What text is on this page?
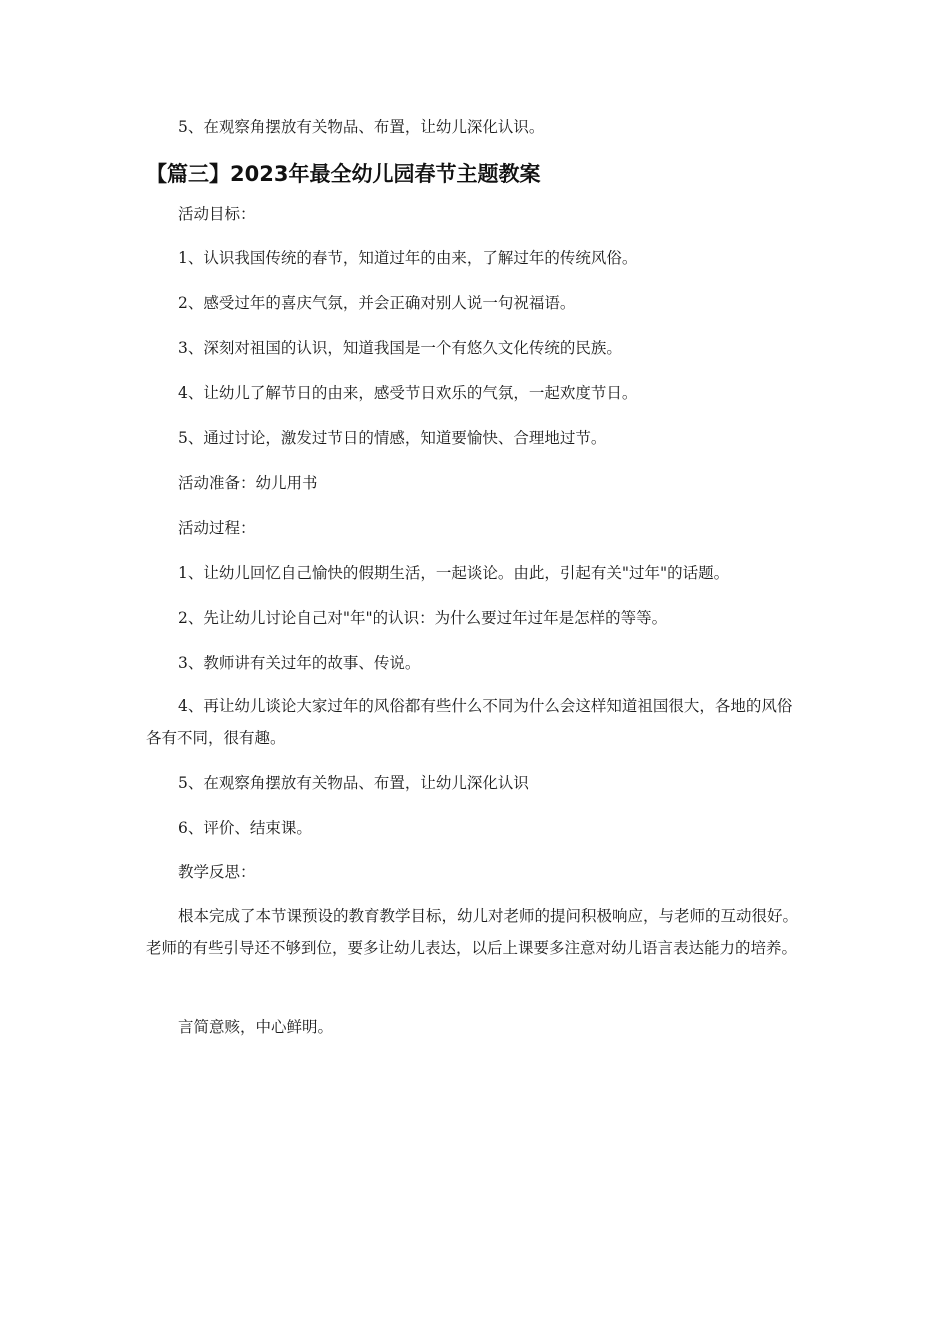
5、在观察角摆放有关物品、布置，让幼儿深化认识。
【篇三】2023年最全幼儿园春节主题教案
活动目标：
1、认识我国传统的春节，知道过年的由来，了解过年的传统风俗。
2、感受过年的喜庆气氛，并会正确对别人说一句祝福语。
3、深刻对祖国的认识，知道我国是一个有悠久文化传统的民族。
4、让幼儿了解节日的由来，感受节日欢乐的气氛，一起欢度节日。
5、通过讨论，激发过节日的情感，知道要愉快、合理地过节。
活动准备：幼儿用书
活动过程：
1、让幼儿回忆自己愉快的假期生活，一起谈论。由此，引起有关"过年"的话题。
2、先让幼儿讨论自己对"年"的认识：为什么要过年过年是怎样的等等。
3、教师讲有关过年的故事、传说。
4、再让幼儿谈论大家过年的风俗都有些什么不同为什么会这样知道祖国很大，各地的风俗各有不同，很有趣。
5、在观察角摆放有关物品、布置，让幼儿深化认识
6、评价、结束课。
教学反思：
根本完成了本节课预设的教育教学目标，幼儿对老师的提问积极响应，与老师的互动很好。老师的有些引导还不够到位，要多让幼儿表达，以后上课要多注意对幼儿语言表达能力的培养。
言简意赅，中心鲜明。
